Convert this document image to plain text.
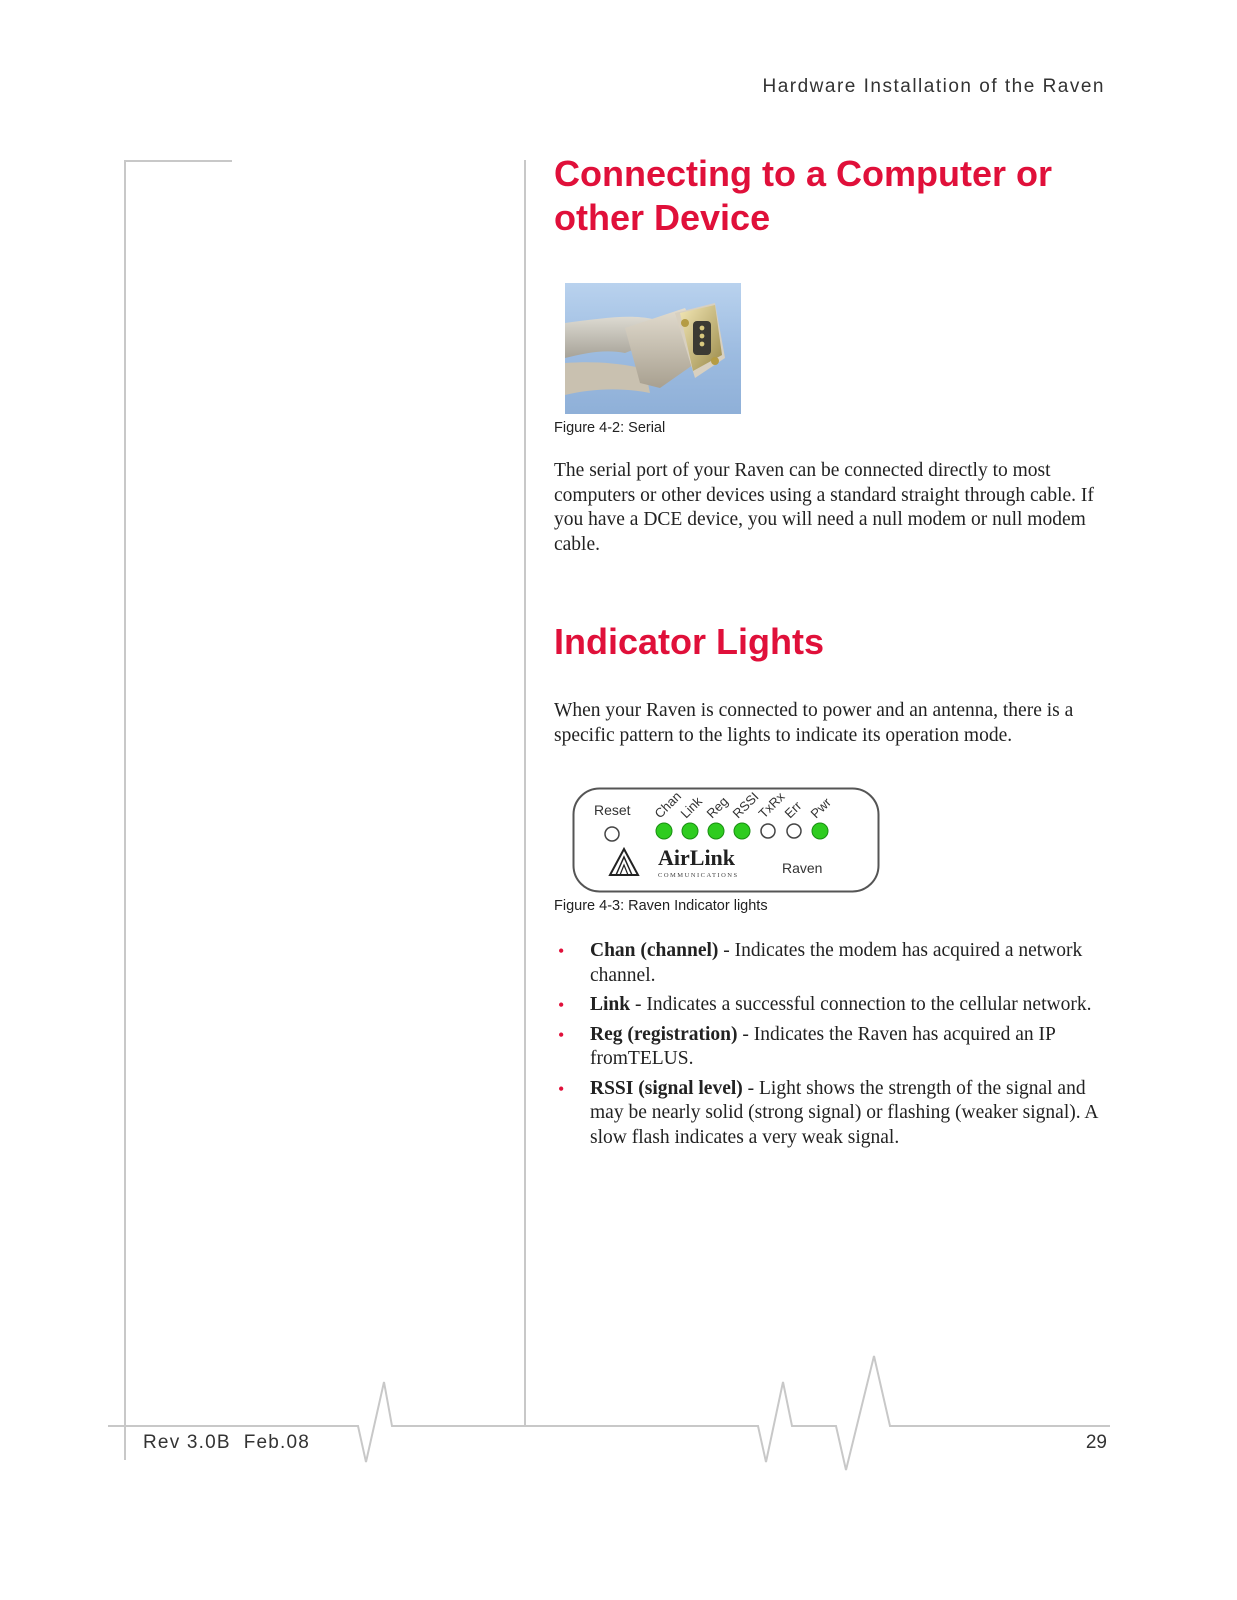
Hardware Installation of the Raven
Connecting to a Computer or other Device
Figure 4-2: Serial

The serial port of your Raven can be connected directly to most computers or other devices using a standard straight through cable. If you have a DCE device, you will need a null modem or null modem cable.

Indicator Lights

When your Raven is connected to power and an antenna, there is a specific pattern to the lights to indicate its operation mode.

Reset Chan
Link
Reg
RSSI
TxRx
Err Pwr
AirLink
COMMUNICATIONS	Raven
Figure 4-3: Raven Indicator lights
• Chan (channel) - Indicates the modem has acquired a network channel.
• Link - Indicates a successful connection to the cellular network.
• Reg (registration) - Indicates the Raven has acquired an IP fromTELUS.
• RSSI (signal level) - Light shows the strength of the signal and may be nearly solid (strong signal) or flashing (weaker signal). A slow flash indicates a very weak signal.
Rev 3.0B  Feb.08	29
